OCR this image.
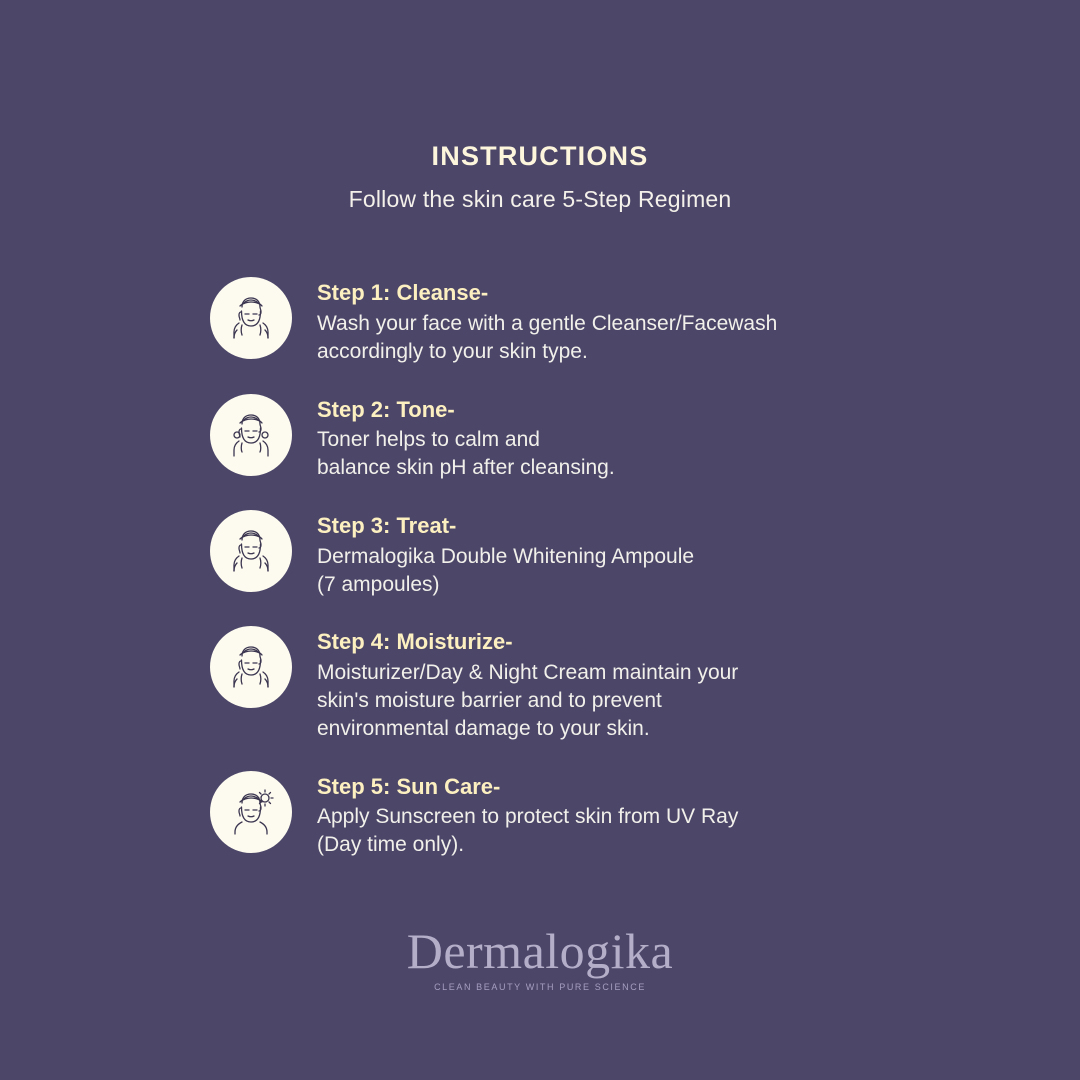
INSTRUCTIONS
Follow the skin care 5-Step Regimen
Step 1: Cleanse-
Wash your face with a gentle Cleanser/Facewash
accordingly to your skin type.
Step 2: Tone-
Toner helps to calm and
balance skin pH after cleansing.
Step 3: Treat-
Dermalogika Double Whitening Ampoule
(7 ampoules)
Step 4: Moisturize-
Moisturizer/Day & Night Cream maintain your
skin's moisture barrier and to prevent
environmental damage to your skin.
Step 5: Sun Care-
Apply Sunscreen to protect skin from UV Ray
(Day time only).
Dermalogika
CLEAN BEAUTY WITH PURE SCIENCE
